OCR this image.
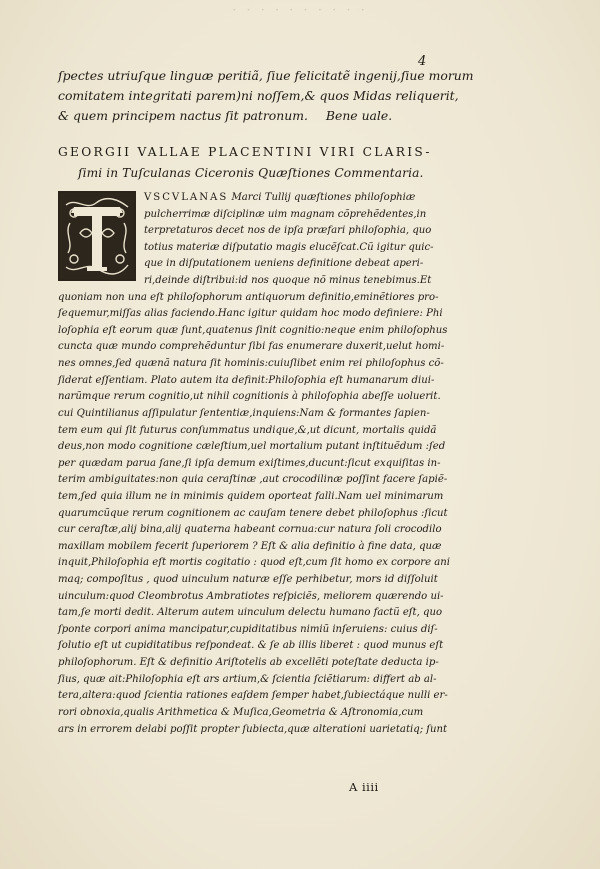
· · · · · · · · · ·
4
ſpectes utriuſque linguæ peritiã, ſiue felicitatẽ ingenij,ſiue morum
comitatem integritati parem)ni noſſem,& quos Midas reliquerit,
& quem principem nactus ſit patronum. Bene uale.
GEORGII VALLAE PLACENTINI VIRI CLARIS-
ſimi in Tuſculanas Ciceronis Quæſtiones Commentaria.
VSCVLANAS Marci Tullij quæſtiones philoſophiæ
pulcherrimæ diſciplinæ uim magnam cõprehẽdentes,in
terpretaturos decet nos de ipſa præfari philoſophia, quo
totius materiæ diſputatio magis elucẽſcat.Cũ igitur quic-
que in diſputationem ueniens definitione debeat aperi-
ri,deinde diſtribui:id nos quoque nõ minus tenebimus.Et
quoniam non una eſt philoſophorum antiquorum definitio,eminẽtiores pro-
ſequemur,miſſas alias faciendo.Hanc igitur quidam hoc modo definiere: Phi
loſophia eſt eorum quæ ſunt,quatenus ſinit cognitio:neque enim philoſophus
cuncta quæ mundo comprehẽduntur ſibi fas enumerare duxerit,uelut homi-
nes omnes,ſed quænã natura ſit hominis:cuiuſlibet enim rei philoſophus cõ-
ſiderat eſſentiam. Plato autem ita definit:Philoſophia eſt humanarum diui-
narũmque rerum cognitio,ut nihil cognitionis à philoſophia abeſſe uoluerit.
cui Quintilianus aſſipulatur ſententiæ,inquiens:Nam & formantes ſapien-
tem eum qui ſit futurus conſummatus undique,&,ut dicunt, mortalis quidã
deus,non modo cognitione cæleſtium,uel mortalium putant inſtituẽdum :ſed
per quædam parua ſane,ſi ipſa demum exiſtimes,ducunt:ſicut exquiſitas in-
terim ambiguitates:non quia ceraſtinæ ,aut crocodilinæ poſſint facere ſapiẽ-
tem,ſed quia illum ne in minimis quidem oporteat falli.Nam uel minimarum
quarumcũque rerum cognitionem ac cauſam tenere debet philoſophus :ſicut
cur ceraſtæ,alij bina,alij quaterna habeant cornua:cur natura ſoli crocodilo
maxillam mobilem fecerit ſuperiorem ? Eſt & alia definitio à fine data, quæ
inquit,Philoſophia eſt mortis cogitatio : quod eſt,cum ſit homo ex corpore ani
maq; compoſitus , quod uinculum naturæ eſſe perhibetur, mors id diſſoluit
uinculum:quod Cleombrotus Ambratiotes reſpiciẽs, meliorem quærendo ui-
tam,ſe morti dedit. Alterum autem uinculum delectu humano factũ eſt, quo
ſponte corpori anima mancipatur,cupiditatibus nimiũ inſeruiens: cuius diſ-
ſolutio eſt ut cupiditatibus reſpondeat. & ſe ab illis liberet : quod munus eſt
philoſophorum. Eſt & definitio Ariſtotelis ab excellẽti poteſtate deducta ip-
ſius, quæ ait:Philoſophia eſt ars artium,& ſcientia ſciẽtiarum: differt ab al-
tera,altera:quod ſcientia rationes eaſdem ſemper habet,ſubiectáque nulli er-
rori obnoxia,qualis Arithmetica & Muſica,Geometria & Aſtronomia,cum
ars in errorem delabi poſſit propter ſubiecta,quæ alterationi uarietatiq; ſunt
A iiii
